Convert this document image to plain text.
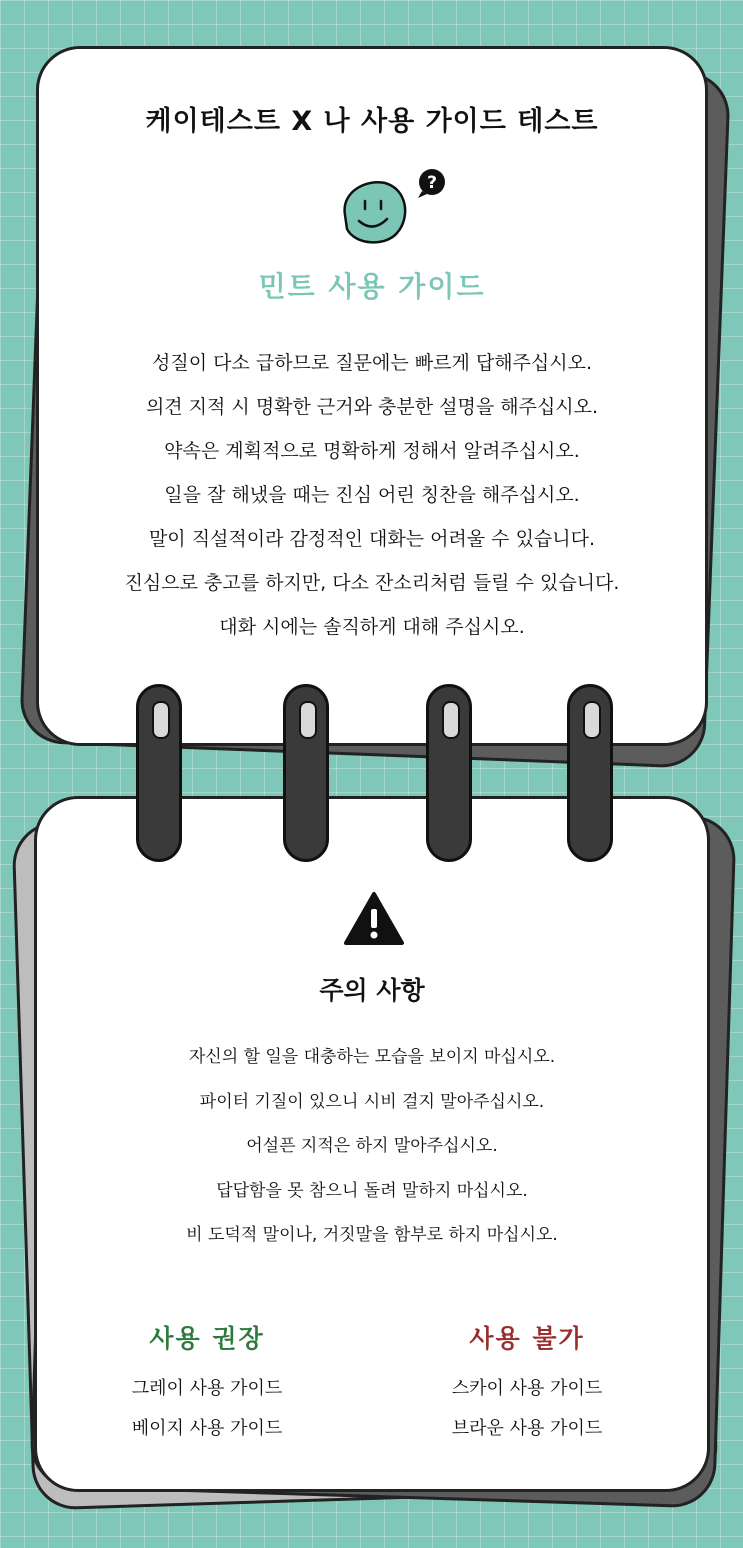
케이테스트 X 나 사용 가이드 테스트
?
민트 사용 가이드
성질이 다소 급하므로 질문에는 빠르게 답해주십시오.
의견 지적 시 명확한 근거와 충분한 설명을 해주십시오.
약속은 계획적으로 명확하게 정해서 알려주십시오.
일을 잘 해냈을 때는 진심 어린 칭찬을 해주십시오.
말이 직설적이라 감정적인 대화는 어려울 수 있습니다.
진심으로 충고를 하지만, 다소 잔소리처럼 들릴 수 있습니다.
대화 시에는 솔직하게 대해 주십시오.
주의 사항
자신의 할 일을 대충하는 모습을 보이지 마십시오.
파이터 기질이 있으니 시비 걸지 말아주십시오.
어설픈 지적은 하지 말아주십시오.
답답함을 못 참으니 돌려 말하지 마십시오.
비 도덕적 말이나, 거짓말을 함부로 하지 마십시오.
사용 권장
그레이 사용 가이드
베이지 사용 가이드
사용 불가
스카이 사용 가이드
브라운 사용 가이드
